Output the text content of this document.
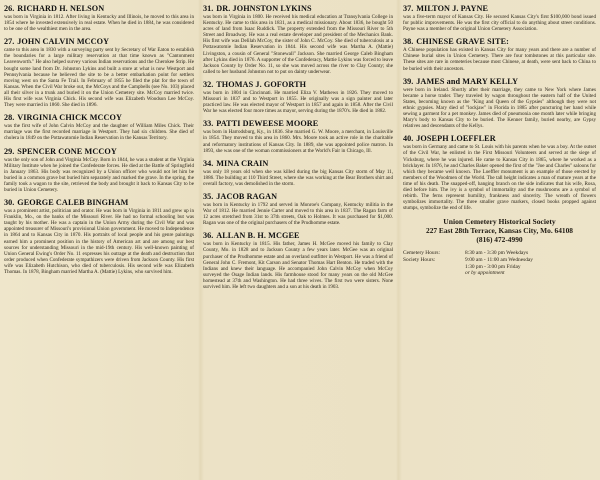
26. RICHARD H. NELSON
was born in Virginia in 1812. After living in Kentucky and Illinois, he moved to this area in 1854 where he invested extensively in real estate. When he died in 1884, he was considered to be one of the wealthiest men in the area.
27. JOHN CALVIN MCCOY
came to this area in 1830 with a surveying party sent by Secretary of War Eaton to establish the boundaries for a large military reservation at that time known as "Cantonment Leavenworth." He also helped survey various Indian reservations and the Cherokee Strip. He bought some land from Dr. Johnston Lykins and built a store at what is now Westport and Pennsylvania because he believed the site to be a better embarkation point for settlers moving west on the Santa Fe Trail. In February of 1855 he filed the plat for the town of Kansas. When the Civil War broke out, the McCoys and the Campbells (see No. 103) placed all their silver in a trunk and buried it on the Union Cemetery site. McCoy married twice. His first wife was Virginia Chick. His second wife was Elizabeth Woodson Lee McCoy. They were married in 1860. She died in 1896.
28. VIRGINIA CHICK MCCOY
was the first wife of John Calvin McCoy and the daughter of William Miles Chick. Their marriage was the first recorded marriage in Westport. They had six children. She died of cholera in 1849 on the Pottawatomie Indian Reservation in the Kansas Territory.
29. SPENCER CONE MCCOY
was the only son of John and Virginia McCoy. Born in 1844, he was a student at the Virginia Military Institute when he joined the Confederate forces. He died at the Battle of Springfield in January 1863. His body was recognized by a Union officer who would not let him be buried in a common grave but buried him separately and marked the grave. In the spring, the family took a wagon to the site, retrieved the body and brought it back to Kansas City to be buried in Union Cemetery.
30. GEORGE CALEB BINGHAM
was a prominent artist, politician and orator. He was born in Virginia in 1811 and grew up in Franklin, Mo., on the banks of the Missouri River. He had no formal schooling but was taught by his mother. He was a captain in the Union Army during the Civil War and was appointed treasurer of Missouri's provisional Union government. He moved to Independence in 1864 and to Kansas City in 1870. His portraits of local people and his genre paintings earned him a prominent position in the history of American art and are among our best sources for understanding Missouri in the mid-19th century. His well-known painting of Union General Ewing's Order No. 11 expresses his outrage at the death and destruction that order produced when Confederate sympathizers were driven from Jackson County. His first wife was Elizabeth Hutchison, who died of tuberculosis. His second wife was Elizabeth Thomas. In 1878, Bingham married Martha A. (Mattie) Lykins, who survived him.
31. DR. JOHNSTON LYKINS
was born in Virginia in 1800. He received his medical education at Transylvania College in Kentucky. He came to this area in 1831, as a medical missionary. About 1836, he bought 50 acres of land from Isaac Ruddick. The property extended from the Missouri River to 5th Street and Broadway. He was a real estate developer and president of the Mechanics Bank. His first wife was Delilah McCoy, the sister of John C. McCoy. She died of tuberculosis at a Pottawatomie Indian Reservation in 1844. His second wife was Martha A. (Mattie) Livingston, a cousin of General "Stonewall" Jackson. She married George Caleb Bingham after Lykins died in 1876. A supporter of the Confederacy, Mattie Lykins was forced to leave Jackson County by Order No. 11, so she was moved across the river to Clay County; she called to her husband Johnston not to put on dainty underwear.
32. THOMAS J. GOFORTH
was born in 1804 in Cincinnati. He married Eliza V. Mathews in 1826. They moved to Missouri in 1837 and to Westport in 1855. He originally was a sign painter and later practiced law. He was elected mayor of Westport in 1857 and again in 1858. After the Civil War he was elected four more times as mayor, serving during the 1870's. He died in 1882.
33. PATTI DEWEESE MOORE
was born in Harrodsburg, Ky., in 1836. She married G. W. Moore, a merchant, in Louisville in 1854. They moved to this area in 1860. Mrs. Moore took an active role in the charitable and reformatory institutions of Kansas City. In 1889, she was appointed police matron. In 1893, she was one of the woman commissioners at the World's Fair in Chicago, Ill.
34. MINA CRAIN
was only 18 years old when she was killed during the big Kansas City storm of May 11, 1886. The building at 110 Third Street, where she was working at the Bear Brothers shirt and overall factory, was demolished in the storm.
35. JACOB RAGAN
was born in Kentucky in 1792 and served in Monroe's Company, Kentucky militia in the War of 1812. He married Jennie Carter and moved to this area in 1837. The Ragan farm of 12 acres stretched from 31st to 37th streets, Oak to Holmes. It was purchased for $1,000. Ragan was one of the original purchasers of the Prudhomme estate.
36. ALLAN B. H. MCGEE
was born in Kentucky in 1815. His father, James H. McGee moved his family to Clay County, Mo. in 1828 and to Jackson County a few years later. McGee was an original purchaser of the Prudhomme estate and an overland outfitter in Westport. He was a friend of General John C. Fremont, Kit Carson and Senator Thomas Hart Benton. He traded with the Indians and knew their language. He accompanied John Calvin McCoy when McCoy surveyed the Osage Indian lands. His farmhouse stood for many years on the old McGee homestead at 37th and Washington. He had three wives. The first two were sisters. None survived him. He left two daughters and a son at his death in 1903.
37. MILTON J. PAYNE
was a five-term mayor of Kansas City. He secured Kansas City's first $100,000 bond issued for public improvements. He was the first city official to do anything about street conditions. Payne was a member of the original Union Cemetery Association.
38. CHINESE GRAVE SITE:
A Chinese population has existed in Kansas City for many years and there are a number of Chinese burial sites in Union Cemetery. There are four tombstones at this particular site. These sites are rare in cemeteries because most Chinese, at death, were sent back to China to be buried with their ancestors.
39. JAMES and MARY KELLY
were born in Ireland. Shortly after their marriage, they came to New York where James became a horse trader. They traveled by wagon throughout the eastern half of the United States, becoming known as the "King and Queen of the Gypsies" although they were not ethnic gypsies. Mary died of "lockjaw" in Florida in 1885 after puncturing her hand while sewing a garment for a pet monkey. James died of pneumonia one month later while bringing Mary's body to Kansas City to be buried. The Kenner family, buried nearby, are Gypsy relatives and descendants of the Kellys.
40. JOSEPH LOEFFLER
was born in Germany and came to St. Louis with his parents when he was a boy. At the outset of the Civil War, he enlisted in the First Missouri Volunteers and served at the siege of Vicksburg, where he was injured. He came to Kansas City in 1865, where he worked as a bricklayer. In 1876, he and Charles Baker opened the first of the "Joe and Charles" saloons for which they became well known. The Loeffler monument is an example of those erected by members of the Woodmen of the World. The tall height indicates a man of mature years at the time of his death. The snapped-off, hanging branch on the side indicates that his wife, Rosa, died before him. The ivy is a symbol of immortality and the mushrooms are a symbol of rebirth. The ferns represent humility, frankness and sincerity. The wreath of flowers symbolizes immortality. The three smaller grave markers, closed books propped against stumps, symbolize the end of life.
Union Cemetery Historical Society
227 East 28th Terrace, Kansas City, Mo. 64108
(816) 472-4990
Cemetery Hours:	8:30 am - 3:30 pm Weekdays
Society Hours:	9:00 am - 11:00 am Wednesday
1:30 pm - 3:00 pm Friday
or by appointment
